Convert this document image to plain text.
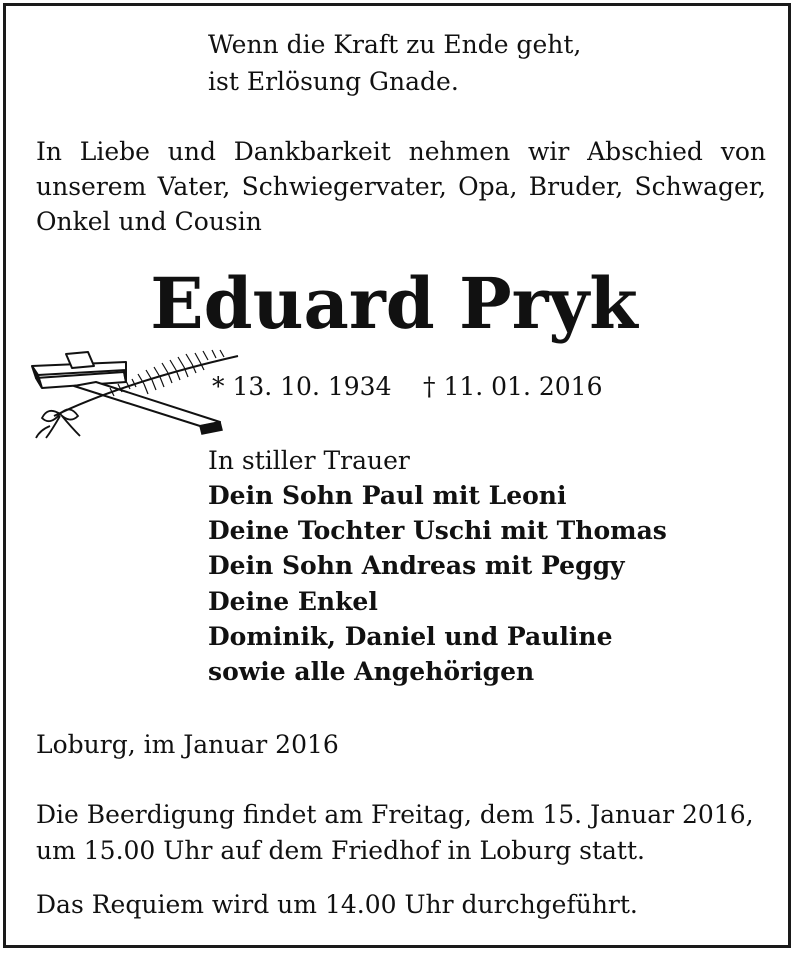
Wenn die Kraft zu Ende geht,
ist Erlösung Gnade.
In Liebe und Dankbarkeit nehmen wir Abschied von
unserem Vater, Schwiegervater, Opa, Bruder, Schwager,
Onkel und Cousin
Eduard Pryk
* 13. 10. 1934 † 11. 01. 2016
In stiller Trauer
Dein Sohn Paul mit Leoni
Deine Tochter Uschi mit Thomas
Dein Sohn Andreas mit Peggy
Deine Enkel
Dominik, Daniel und Pauline
sowie alle Angehörigen
Loburg, im Januar 2016
Die Beerdigung findet am Freitag, dem 15. Januar 2016,
um 15.00 Uhr auf dem Friedhof in Loburg statt.
Das Requiem wird um 14.00 Uhr durchgeführt.
